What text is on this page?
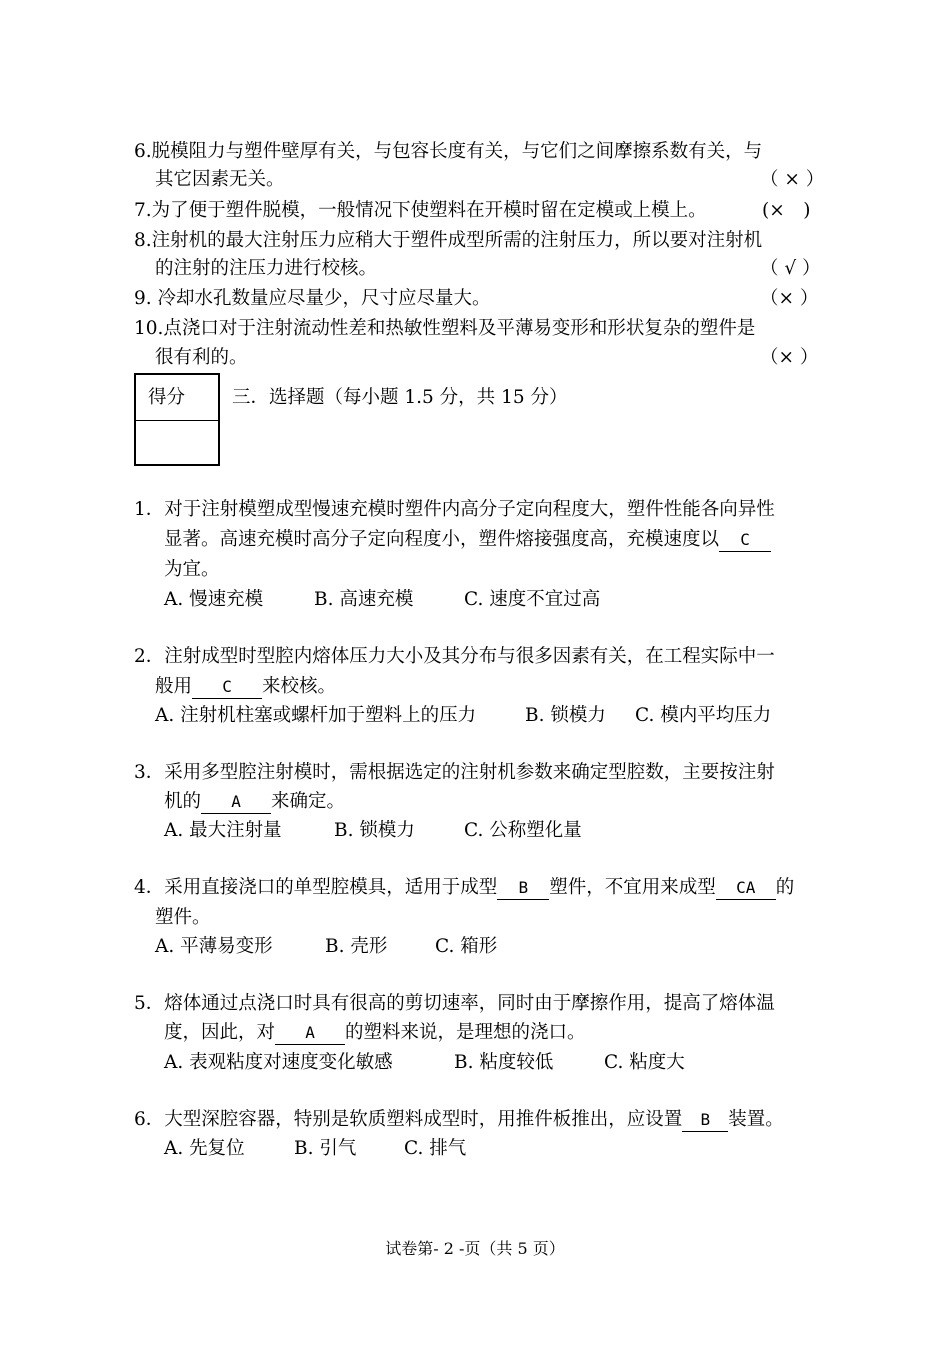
6.脱模阻力与塑件壁厚有关，与包容长度有关，与它们之间摩擦系数有关，与
其它因素无关。	（ × ）
7.为了便于塑件脱模，一般情况下使塑料在开模时留在定模或上模上。	(×　)
8.注射机的最大注射压力应稍大于塑件成型所需的注射压力，所以要对注射机
的注射的注压力进行校核。	（ √ ）
9. 冷却水孔数量应尽量少，尺寸应尽量大。	（× ）
10.点浇口对于注射流动性差和热敏性塑料及平薄易变形和形状复杂的塑件是
很有利的。	（× ）
得分	三．选择题（每小题 1.5 分，共 15 分）
1．对于注射模塑成型慢速充模时塑件内高分子定向程度大，塑件性能各向异性
显著。高速充模时高分子定向程度小，塑件熔接强度高，充模速度以 C
为宜。
A. 慢速充模	B. 高速充模	C. 速度不宜过高
2．注射成型时型腔内熔体压力大小及其分布与很多因素有关，在工程实际中一
般用 C 来校核。
A. 注射机柱塞或螺杆加于塑料上的压力	B. 锁模力 C. 模内平均压力
3．采用多型腔注射模时，需根据选定的注射机参数来确定型腔数，主要按注射
机的 A 来确定。
A. 最大注射量	B. 锁模力	C. 公称塑化量
4．采用直接浇口的单型腔模具，适用于成型 B 塑件，不宜用来成型 CA 的
塑件。
A. 平薄易变形	B. 壳形	C. 箱形
5．熔体通过点浇口时具有很高的剪切速率，同时由于摩擦作用，提高了熔体温
度，因此，对 A 的塑料来说，是理想的浇口。
A. 表观粘度对速度变化敏感	B. 粘度较低	C. 粘度大
6．大型深腔容器，特别是软质塑料成型时，用推件板推出，应设置 B 装置。
A. 先复位	B. 引气	C. 排气
试卷第- 2 -页（共 5 页）
